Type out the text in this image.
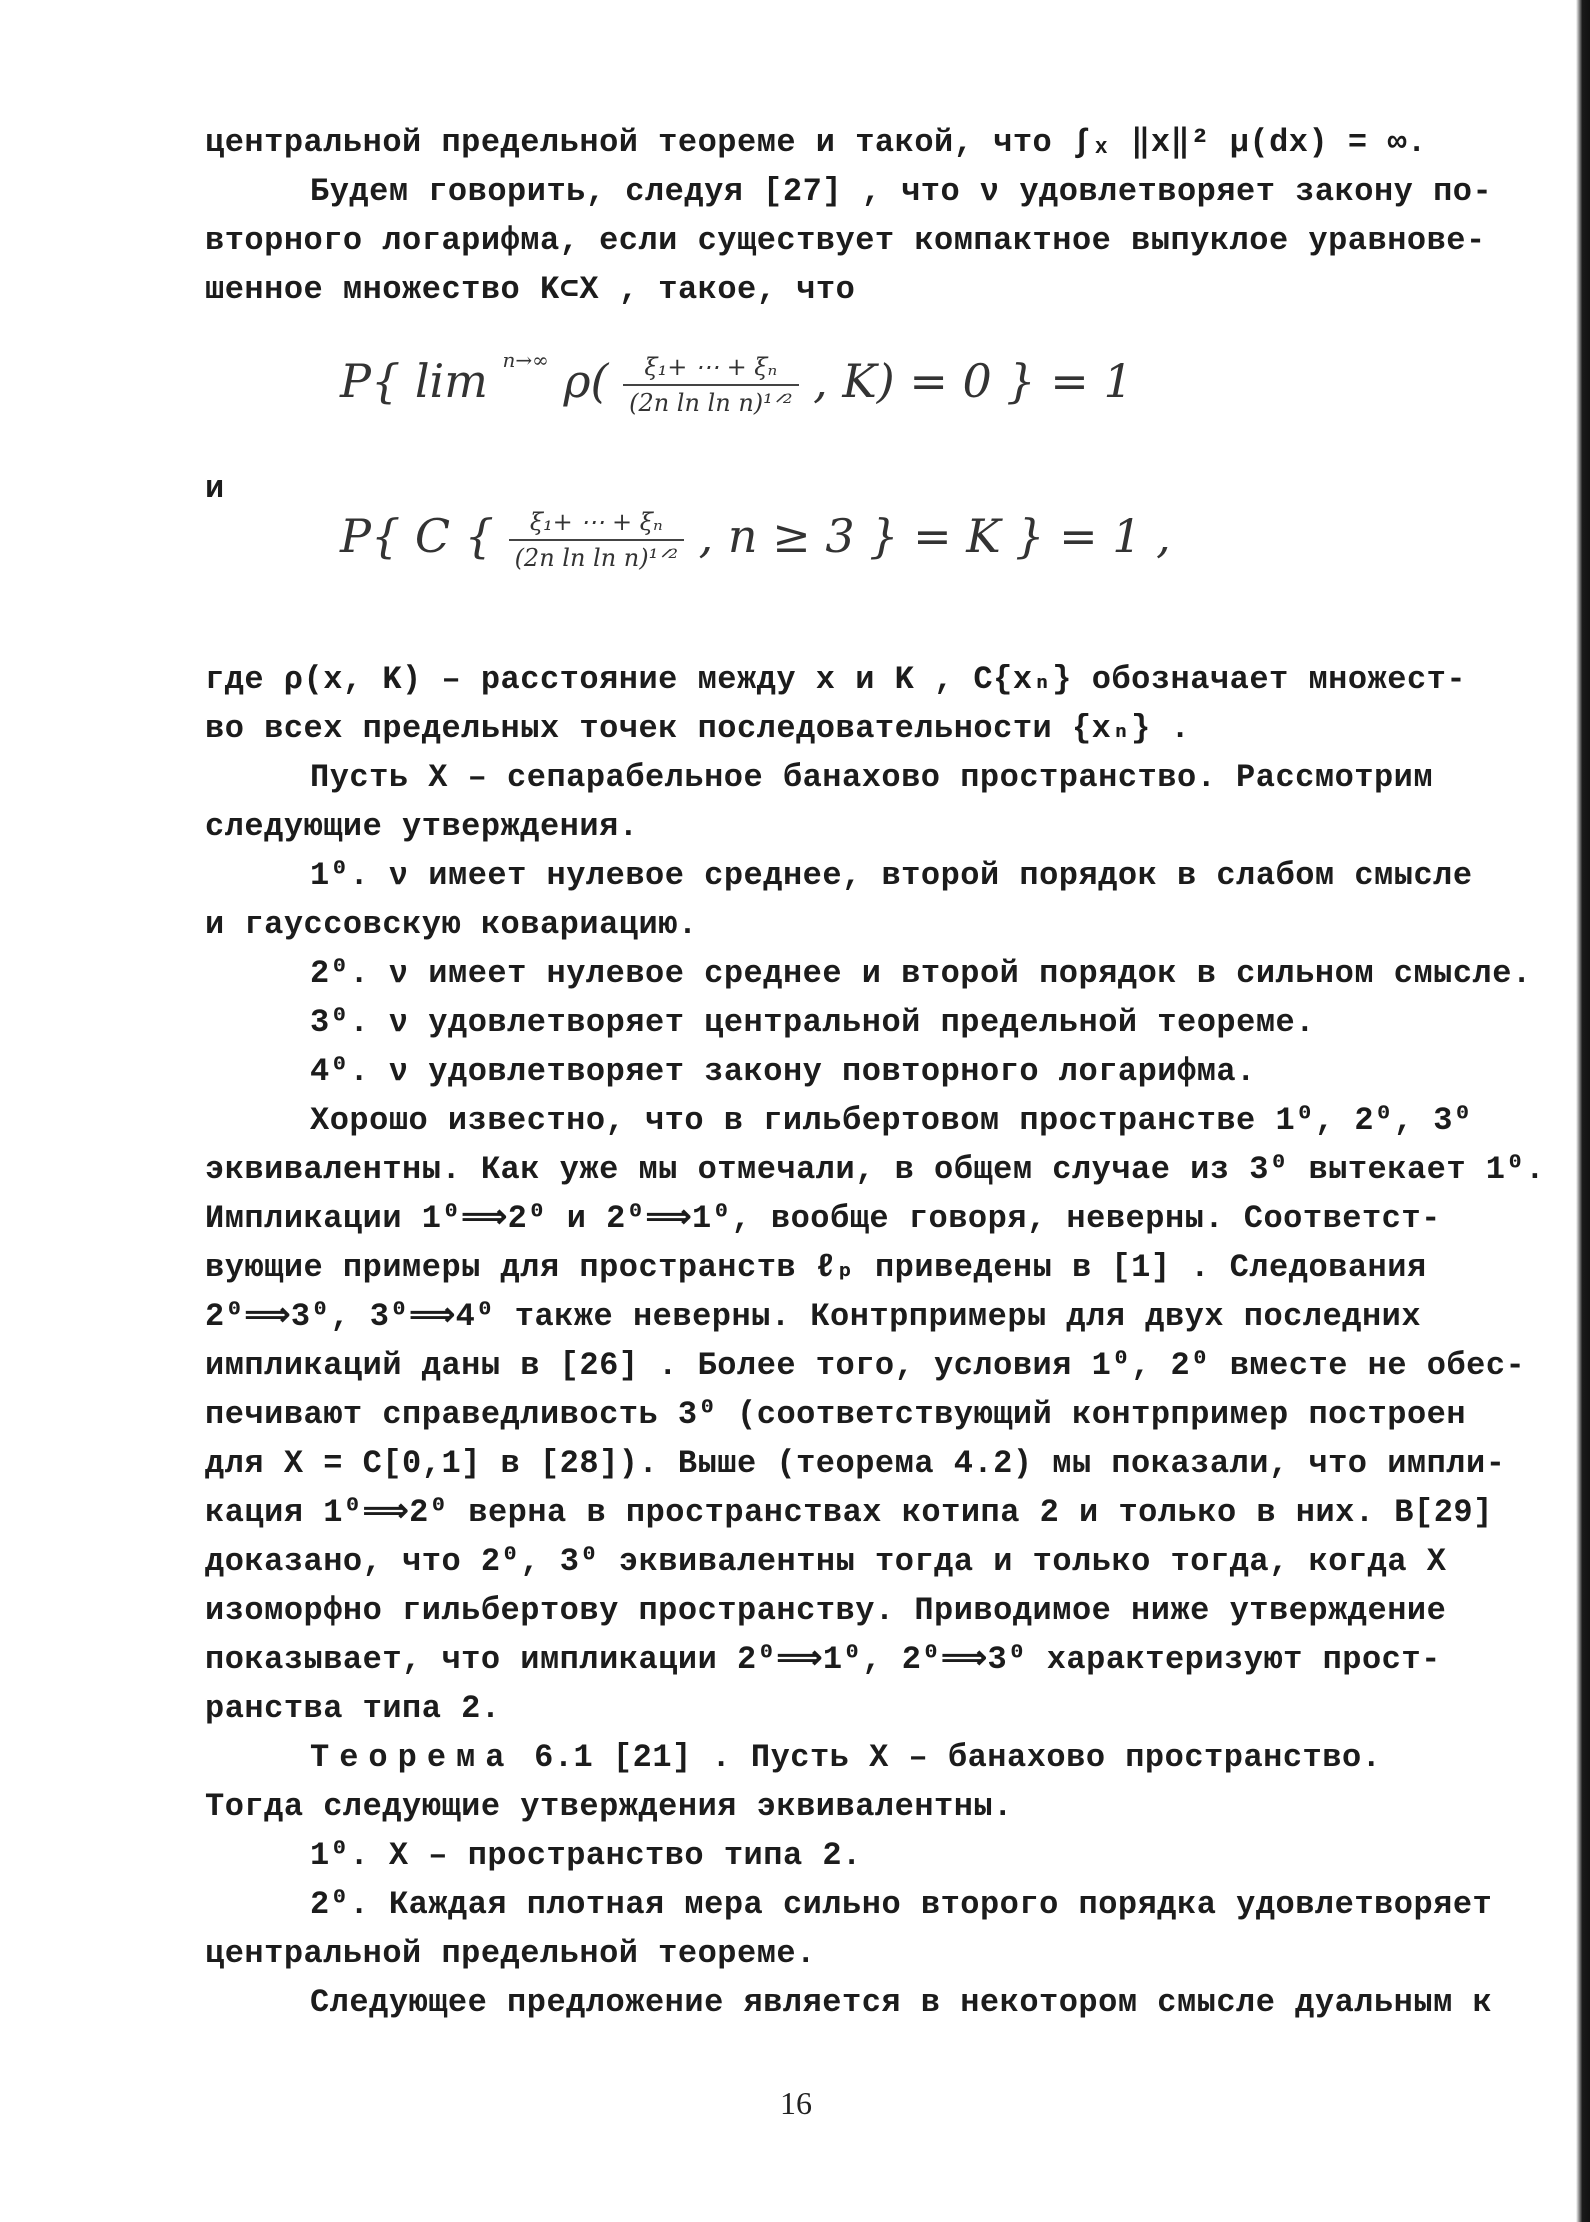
центральной предельной теореме и такой, что ∫ₓ ‖x‖² μ(dx) = ∞.
Будем говорить, следуя [27] , что ν удовлетворяет закону по-
вторного логарифма, если существует компактное выпуклое уравнове-
шенное множество K⊂X , такое, что
P{ lim n→∞ $\rho( \frac{\text{ξ₁+ ⋯ + ξₙ}}{\text{(2n ln ln n)¹ᐟ²}}$ , K) = 0 } = 1
и
P{ C { $\frac{\text{ξ₁+ ⋯ + ξₙ}}{\text{(2n ln ln n)¹ᐟ²}}$ , n ≥ 3 } = K } = 1 ,
где ρ(x, K) – расстояние между x и K , C{xₙ} обозначает множест-
во всех предельных точек последовательности {xₙ} .
Пусть X – сепарабельное банахово пространство. Рассмотрим
следующие утверждения.
1⁰. ν имеет нулевое среднее, второй порядок в слабом смысле
и гауссовскую ковариацию.
2⁰. ν имеет нулевое среднее и второй порядок в сильном смысле.
3⁰. ν удовлетворяет центральной предельной теореме.
4⁰. ν удовлетворяет закону повторного логарифма.
Хорошо известно, что в гильбертовом пространстве 1⁰, 2⁰, 3⁰
эквивалентны. Как уже мы отмечали, в общем случае из 3⁰ вытекает 1⁰.
Импликации 1⁰⟹2⁰ и 2⁰⟹1⁰, вообще говоря, неверны. Соответст-
вующие примеры для пространств ℓₚ приведены в [1] . Следования
2⁰⟹3⁰, 3⁰⟹4⁰ также неверны. Контрпримеры для двух последних
импликаций даны в [26] . Более того, условия 1⁰, 2⁰ вместе не обес-
печивают справедливость 3⁰ (соответствующий контрпример построен
для X = C[0,1] в [28]). Выше (теорема 4.2) мы показали, что импли-
кация 1⁰⟹2⁰ верна в пространствах котипа 2 и только в них. В[29]
доказано, что 2⁰, 3⁰ эквивалентны тогда и только тогда, когда X
изоморфно гильбертову пространству. Приводимое ниже утверждение
показывает, что импликации 2⁰⟹1⁰, 2⁰⟹3⁰ характеризуют прост-
ранства типа 2.
Теорема 6.1 [21] . Пусть X – банахово пространство.
Тогда следующие утверждения эквивалентны.
1⁰. X – пространство типа 2.
2⁰. Каждая плотная мера сильно второго порядка удовлетворяет
центральной предельной теореме.
Следующее предложение является в некотором смысле дуальным к
16
